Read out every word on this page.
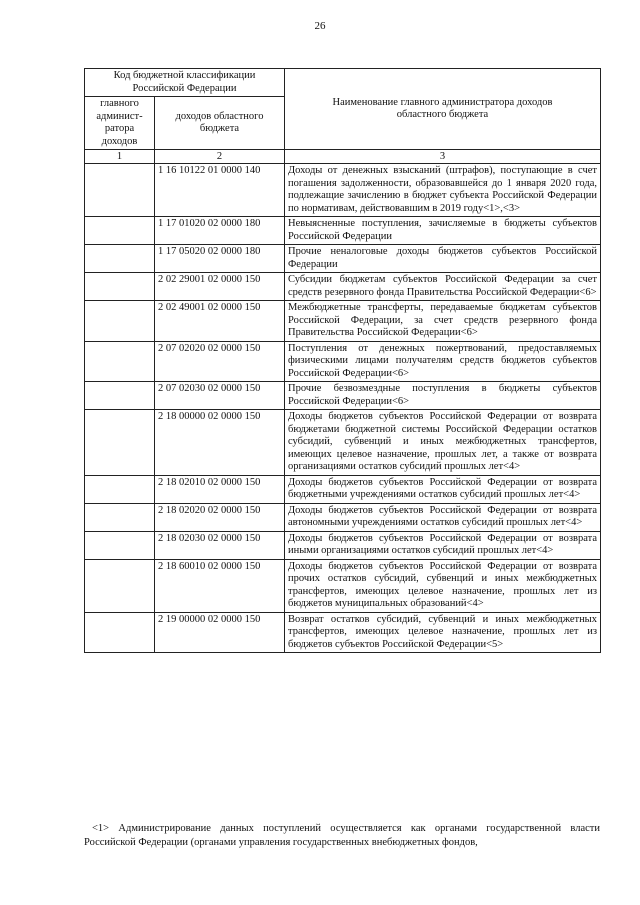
26
Код бюджетной классификации Российской Федерации		Наименование главного администратора доходов областного бюджета
главного админист-ратора доходов	доходов областного бюджета	
1	2	3
	1 16 10122 01 0000 140	Доходы от денежных взысканий (штрафов), поступающие в счет погашения задолженности, образовавшейся до 1 января 2020 года, подлежащие зачислению в бюджет субъекта Российской Федерации по нормативам, действовавшим в 2019 году<1>,<3>
	1 17 01020 02 0000 180	Невыясненные поступления, зачисляемые в бюджеты субъектов Российской Федерации
	1 17 05020 02 0000 180	Прочие неналоговые доходы бюджетов субъектов Российской Федерации
	2 02 29001 02 0000 150	Субсидии бюджетам субъектов Российской Федерации за счет средств резервного фонда Правительства Российской Федерации<6>
	2 02 49001 02 0000 150	Межбюджетные трансферты, передаваемые бюджетам субъектов Российской Федерации, за счет средств резервного фонда Правительства Российской Федерации<6>
	2 07 02020 02 0000 150	Поступления от денежных пожертвований, предоставляемых физическими лицами получателям средств бюджетов субъектов Российской Федерации<6>
	2 07 02030 02 0000 150	Прочие безвозмездные поступления в бюджеты субъектов Российской Федерации<6>
	2 18 00000 02 0000 150	Доходы бюджетов субъектов Российской Федерации от возврата бюджетами бюджетной системы Российской Федерации остатков субсидий, субвенций и иных межбюджетных трансфертов, имеющих целевое назначение, прошлых лет, а также от возврата организациями остатков субсидий прошлых лет<4>
	2 18 02010 02 0000 150	Доходы бюджетов субъектов Российской Федерации от возврата бюджетными учреждениями остатков субсидий прошлых лет<4>
	2 18 02020 02 0000 150	Доходы бюджетов субъектов Российской Федерации от возврата автономными учреждениями остатков субсидий прошлых лет<4>
	2 18 02030 02 0000 150	Доходы бюджетов субъектов Российской Федерации от возврата иными организациями остатков субсидий прошлых лет<4>
	2 18 60010 02 0000 150	Доходы бюджетов субъектов Российской Федерации от возврата прочих остатков субсидий, субвенций и иных межбюджетных трансфертов, имеющих целевое назначение, прошлых лет из бюджетов муниципальных образований<4>
	2 19 00000 02 0000 150	Возврат остатков субсидий, субвенций и иных межбюджетных трансфертов, имеющих целевое назначение, прошлых лет из бюджетов субъектов Российской Федерации<5>
<1> Администрирование данных поступлений осуществляется как органами государственной власти Российской Федерации (органами управления государственных внебюджетных фондов,
